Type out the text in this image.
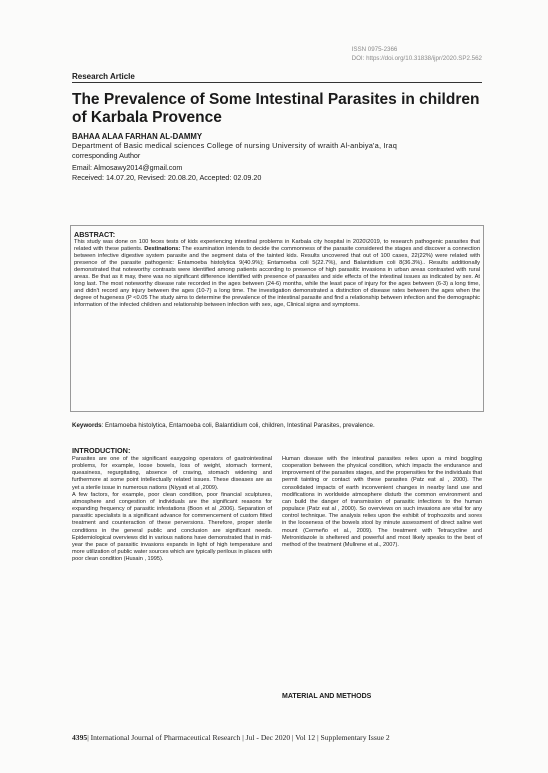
ISSN 0975-2366
DOI: https://doi.org/10.31838/ijpr/2020.SP2.562
Research Article
The Prevalence of Some Intestinal Parasites in children of Karbala Provence
BAHAA ALAA FARHAN AL-DAMMY
Department of Basic medical sciences College of nursing University of wraith Al-anbiya'a, Iraq
corresponding Author
Email: Almosawy2014@gmail.com
Received: 14.07.20, Revised: 20.08.20, Accepted: 02.09.20
ABSTRACT:
This study was done on 100 feces tests of kids experiencing intestinal problems in Karbala city hospital in 2020\2019, to research pathogenic parasites that related with these patients. Destinations: The examination intends to decide the commonness of the parasite considered the stages and discover a connection between infective digestive system parasite and the segment data of the tainted kids. Results uncovered that out of 100 cases, 22(22%) were related with presence of the parasite pathogenic: Entamoeba histolytica 9(40.9%); Entamoeba coli 5(22.7%), and Balantidium coli 8(36.3%).. Results additionally demonstrated that noteworthy contrasts were identified among patients according to presence of high parasitic invasions in urban areas contrasted with rural areas. Be that as it may, there was no significant difference identified with presence of parasites and side effects of the intestinal issues as indicated by sex. At long last. The most noteworthy disease rate recorded in the ages between (24-6) months, while the least pace of injury for the ages between (6-3) a long time, and didn't record any injury between the ages (10-7) a long time. The investigation demonstrated a distinction of disease rates between the ages when the degree of hugeness (P <0.05 The study aims to determine the prevalence of the intestinal parasite and find a relationship between infection and the demographic information of the infected children and relationship between infection with sex, age, Clinical signs and symptoms.
Keywords: Entamoeba histolytica, Entamoeba coli, Balantidium coli, children, Intestinal Parasites, prevalence.
INTRODUCTION:

Parasites are one of the significant easygoing operators of gastrointestinal problems, for example, loose bowels, loss of weight, stomach torment, queasiness, regurgitating, absence of craving, stomach widening and furthermore at some point intellectually related issues. These diseases are as yet a sterile issue in numerous nations (Niyyati et al ,2009).

A few factors, for example, poor clean condition, poor financial sculptures, atmosphere and congestion of individuals are the significant reasons for expanding frequency of parasitic infestations (Boon et al ,2006). Separation of parasitic specialists is a significant advance for commencement of custom fitted treatment and counteraction of these perversions. Therefore, proper sterile conditions in the general public and conclusion are significant needs. Epidemiological overviews did in various nations have demonstrated that in mid-year the pace of parasitic invasions expands in light of high temperature and more utilization of public water sources which are typically perilous in places with poor clean condition (Husain , 1995).

Human disease with the intestinal parasites relies upon a mind boggling cooperation between the physical condition, which impacts the endurance and improvement of the parasites stages, and the propensities for the individuals that permit tainting or contact with these parasites (Patz eat al , 2000). The consolidated impacts of earth inconvenient changes in nearby land use and modifications in worldwide atmosphere disturb the common environment and can build the danger of transmission of parasitic infections to the human populace (Patz eat al , 2000). So overviews on such invasions are vital for any control technique. The analysis relies upon the exhibit of trophozoits and sores in the looseness of the bowels stool by minute assessment of direct saline wet mount (Cermeño et al., 2009). The treatment with Tetracycline and Metronidazole is sheltered and powerful and most likely speaks to the best of method of the treatment (Mullrene et al., 2007).

MATERIAL AND METHODS
4395| International Journal of Pharmaceutical Research | Jul - Dec 2020 | Vol 12 | Supplementary Issue 2
